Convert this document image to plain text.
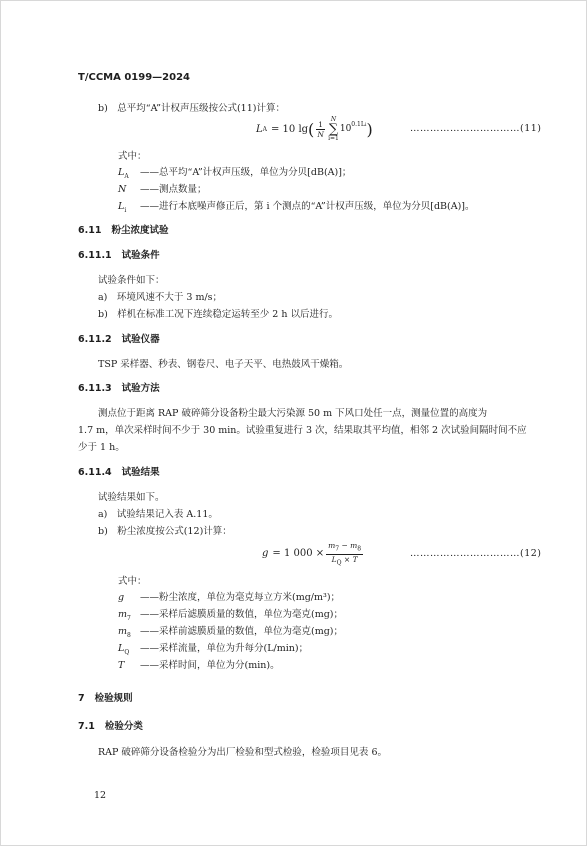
T/CCMA 0199—2024
b)　总平均“A”计权声压级按公式(11)计算：
L A = 10 lg ( $\frac{1}{N}$
N
∑
i=1
10 0.1Li )	……………………………(11)
式中：
$L_A$ ——总平均“A”计权声压级，单位为分贝[dB(A)]；
N ——测点数量；
$L_i$ ——进行本底噪声修正后，第 i 个测点的“A”计权声压级，单位为分贝[dB(A)]。
6.11 粉尘浓度试验
6.11.1 试验条件
试验条件如下：
a)　环境风速不大于 3 m/s；
b)　样机在标准工况下连续稳定运转至少 2 h 以后进行。
6.11.2 试验仪器
TSP 采样器、秒表、钢卷尺、电子天平、电热鼓风干燥箱。
6.11.3 试验方法
测点位于距离 RAP 破碎筛分设备粉尘最大污染源 50 m 下风口处任一点，测量位置的高度为
1.7 m，单次采样时间不少于 30 min。试验重复进行 3 次，结果取其平均值，相邻 2 次试验间隔时间不应
少于 1 h。
6.11.4 试验结果
试验结果如下。
a)　试验结果记入表 A.11。
b)　粉尘浓度按公式(12)计算：
g = 1 $000 \times \frac{m_7 - m_8}{L_Q \times T}$	……………………………(12)
式中：
g ——粉尘浓度，单位为毫克每立方米(mg/m³)；
$m_7$ ——采样后滤膜质量的数值，单位为毫克(mg)；
$m_8$ ——采样前滤膜质量的数值，单位为毫克(mg)；
$L_Q$ ——采样流量，单位为升每分(L/min)；
T ——采样时间，单位为分(min)。
7 检验规则
7.1 检验分类
RAP 破碎筛分设备检验分为出厂检验和型式检验，检验项目见表 6。
12
